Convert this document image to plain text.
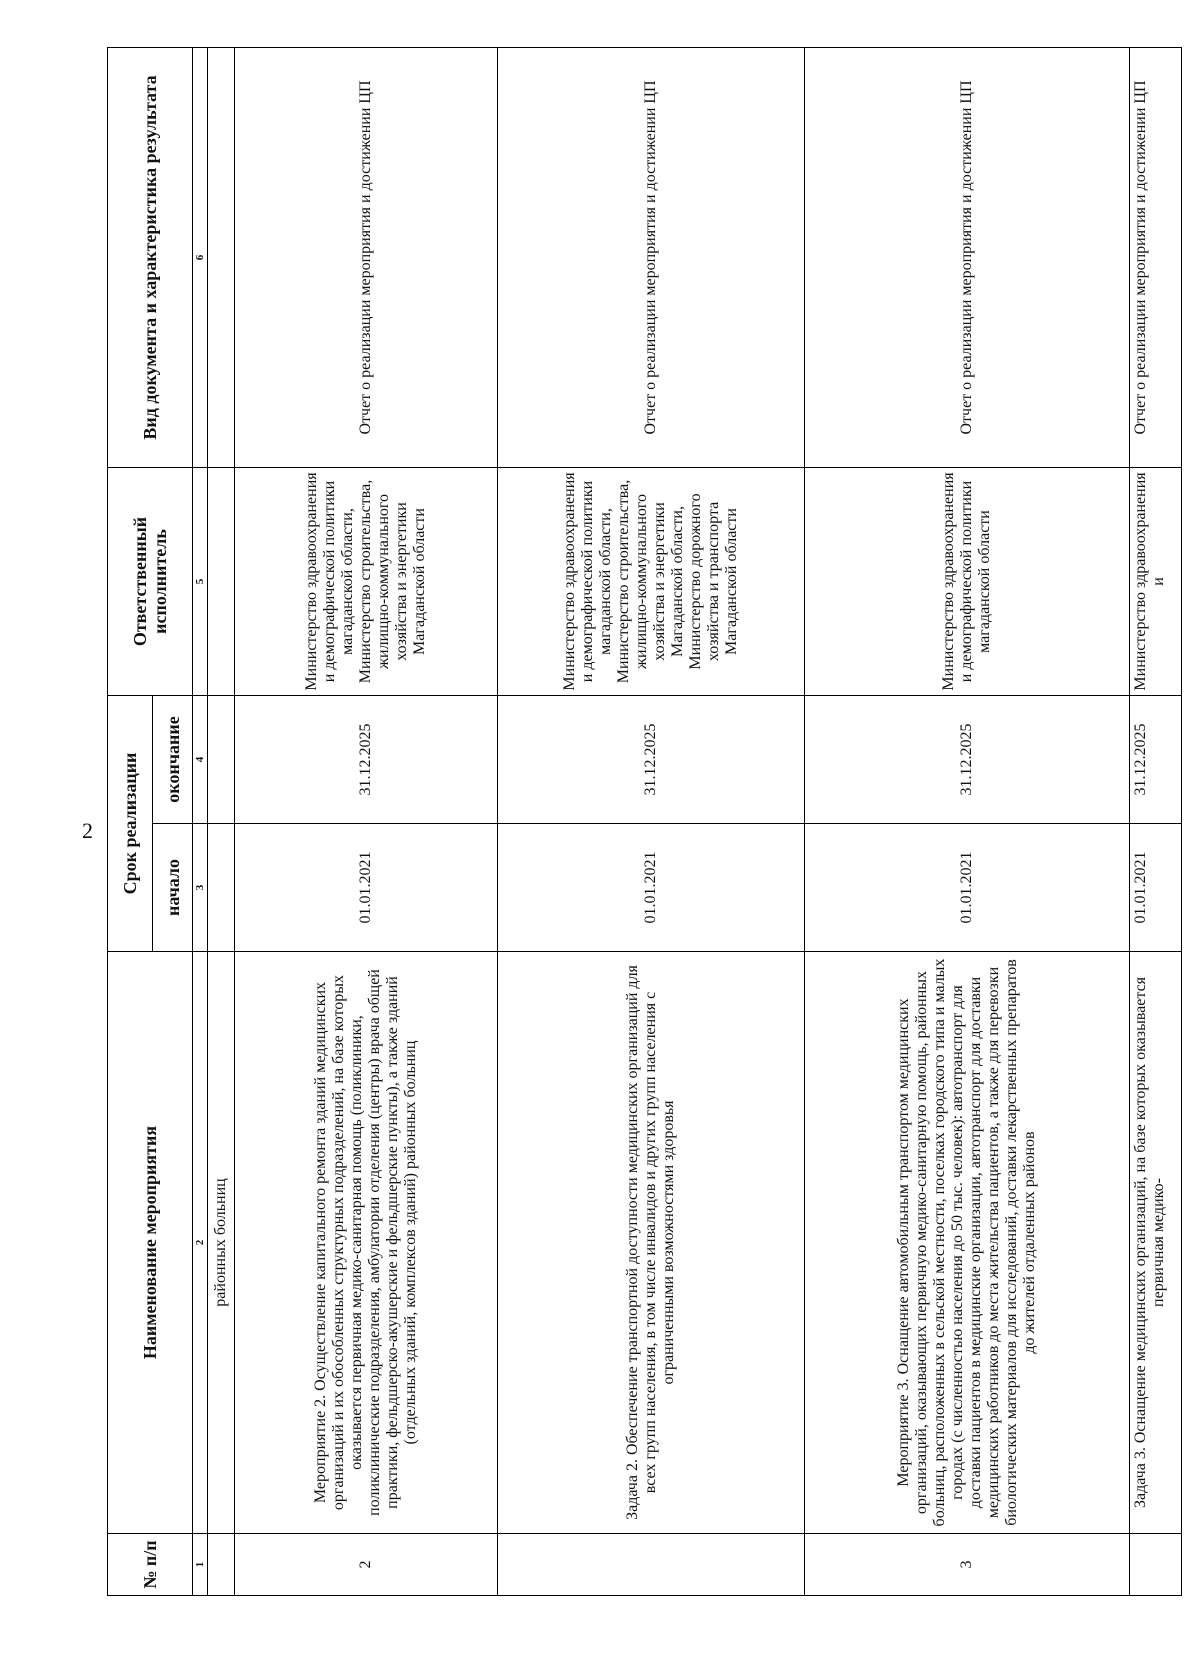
2
№ п/п	Наименование мероприятия	Срок реализации		Ответственный исполнитель	Вид документа и характеристика результата
		начало	окончание		
1	2	3	4	5	6
	районных больниц				
2	Мероприятие 2. Осуществление капитального ремонта зданий медицинских организаций и их обособленных структурных подразделений, на базе которых оказывается первичная медико-санитарная помощь (поликлиники, поликлинические подразделения, амбулатории отделения (центры) врача общей практики, фельдшерско-акушерские и фельдшерские пункты), а также зданий (отдельных зданий, комплексов зданий) районных больниц	01.01.2021	31.12.2025	Министерство здравоохранения и демографической политики магаданской области, Министерство строительства, жилищно-коммунального хозяйства и энергетики Магаданской области	Отчет о реализации мероприятия и достижении ЦП
	Задача 2. Обеспечение транспортной доступности медицинских организаций для всех групп населения, в том числе инвалидов и других групп населения с ограниченными возможностями здоровья	01.01.2021	31.12.2025	Министерство здравоохранения и демографической политики магаданской области, Министерство строительства, жилищно-коммунального хозяйства и энергетики Магаданской области, Министерство дорожного хозяйства и транспорта Магаданской области	Отчет о реализации мероприятия и достижении ЦП
3	Мероприятие 3. Оснащение автомобильным транспортом медицинских организаций, оказывающих первичную медико-санитарную помощь, районных больниц, расположенных в сельской местности, поселках городского типа и малых городах (с численностью населения до 50 тыс. человек): автотранспорт для доставки пациентов в медицинские организации, автотранспорт для доставки медицинских работников до места жительства пациентов, а также для перевозки биологических материалов для исследований, доставки лекарственных препаратов до жителей отдаленных районов	01.01.2021	31.12.2025	Министерство здравоохранения и демографической политики магаданской области	Отчет о реализации мероприятия и достижении ЦП
	Задача 3. Оснащение медицинских организаций, на базе которых оказывается первичная медико-	01.01.2021	31.12.2025	Министерство здравоохранения и	Отчет о реализации мероприятия и достижении ЦП
